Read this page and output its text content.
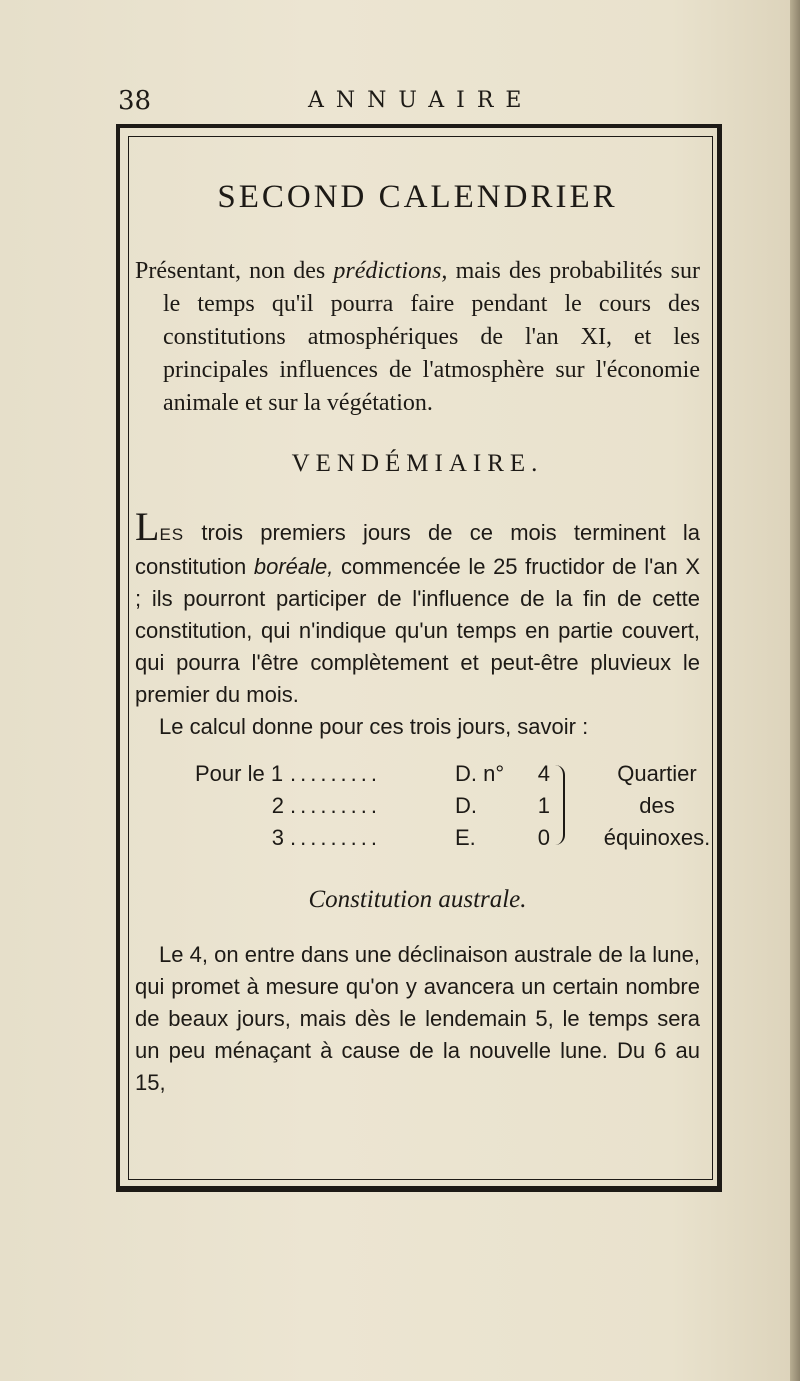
38	ANNUAIRE
SECOND CALENDRIER

Présentant, non des prédictions, mais des probabilités sur le temps qu'il pourra faire pendant le cours des constitutions atmosphériques de l'an XI, et les principales influences de l'atmosphère sur l'économie animale et sur la végétation.

VENDÉMIAIRE.

LES trois premiers jours de ce mois terminent la constitution boréale, commencée le 25 fructidor de l'an X ; ils pourront participer de l'influence de la fin de cette constitution, qui n'indique qu'un temps en partie couvert, qui pourra l'être complètement et peut-être pluvieux le premier du mois.

Le calcul donne pour ces trois jours, savoir :

Pour le 1 .........	D. n° 4
2 .........	D.	1
3 .........	E.	0
Quartier
des
équinoxes.
Constitution australe.

Le 4, on entre dans une déclinaison australe de la lune, qui promet à mesure qu'on y avancera un certain nombre de beaux jours, mais dès le lendemain 5, le temps sera un peu ménaçant à cause de la nouvelle lune. Du 6 au 15,
